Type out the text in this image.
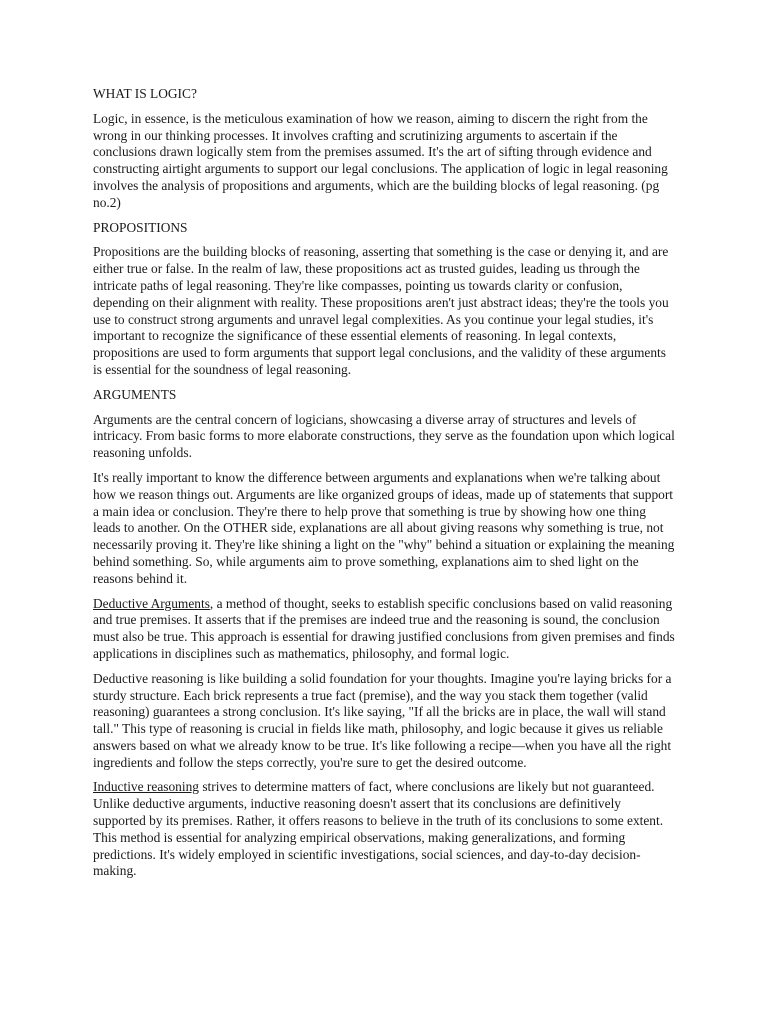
WHAT IS LOGIC?

Logic, in essence, is the meticulous examination of how we reason, aiming to discern the right from the wrong in our thinking processes. It involves crafting and scrutinizing arguments to ascertain if the conclusions drawn logically stem from the premises assumed. It's the art of sifting through evidence and constructing airtight arguments to support our legal conclusions. The application of logic in legal reasoning involves the analysis of propositions and arguments, which are the building blocks of legal reasoning. (pg no.2)

PROPOSITIONS

Propositions are the building blocks of reasoning, asserting that something is the case or denying it, and are either true or false. In the realm of law, these propositions act as trusted guides, leading us through the intricate paths of legal reasoning. They're like compasses, pointing us towards clarity or confusion, depending on their alignment with reality. These propositions aren't just abstract ideas; they're the tools you use to construct strong arguments and unravel legal complexities. As you continue your legal studies, it's important to recognize the significance of these essential elements of reasoning. In legal contexts, propositions are used to form arguments that support legal conclusions, and the validity of these arguments is essential for the soundness of legal reasoning.

ARGUMENTS

Arguments are the central concern of logicians, showcasing a diverse array of structures and levels of intricacy. From basic forms to more elaborate constructions, they serve as the foundation upon which logical reasoning unfolds.

It's really important to know the difference between arguments and explanations when we're talking about how we reason things out. Arguments are like organized groups of ideas, made up of statements that support a main idea or conclusion. They're there to help prove that something is true by showing how one thing leads to another. On the OTHER side, explanations are all about giving reasons why something is true, not necessarily proving it. They're like shining a light on the "why" behind a situation or explaining the meaning behind something. So, while arguments aim to prove something, explanations aim to shed light on the reasons behind it.

Deductive Arguments, a method of thought, seeks to establish specific conclusions based on valid reasoning and true premises. It asserts that if the premises are indeed true and the reasoning is sound, the conclusion must also be true. This approach is essential for drawing justified conclusions from given premises and finds applications in disciplines such as mathematics, philosophy, and formal logic.

Deductive reasoning is like building a solid foundation for your thoughts. Imagine you're laying bricks for a sturdy structure. Each brick represents a true fact (premise), and the way you stack them together (valid reasoning) guarantees a strong conclusion. It's like saying, "If all the bricks are in place, the wall will stand tall." This type of reasoning is crucial in fields like math, philosophy, and logic because it gives us reliable answers based on what we already know to be true. It's like following a recipe—when you have all the right ingredients and follow the steps correctly, you're sure to get the desired outcome.

Inductive reasoning strives to determine matters of fact, where conclusions are likely but not guaranteed. Unlike deductive arguments, inductive reasoning doesn't assert that its conclusions are definitively supported by its premises. Rather, it offers reasons to believe in the truth of its conclusions to some extent. This method is essential for analyzing empirical observations, making generalizations, and forming predictions. It's widely employed in scientific investigations, social sciences, and day-to-day decision-making.
